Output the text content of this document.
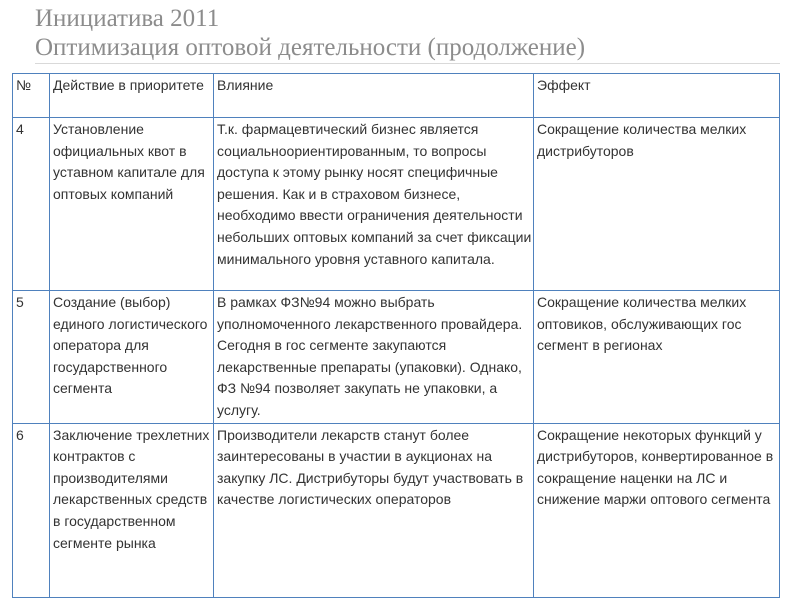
Инициатива 2011
Оптимизация оптовой деятельности (продолжение)
№	Действие в приоритете	Влияние	Эффект

4	Установление официальных квот в уставном капитале для оптовых компаний	Т.к. фармацевтический бизнес является социальноориентированным, то вопросы доступа к этому рынку носят специфичные решения. Как и в страховом бизнесе, необходимо ввести ограничения деятельности небольших оптовых компаний за счет фиксации минимального уровня уставного капитала.	Сокращение количества мелких дистрибуторов

5	Создание (выбор) единого логистического оператора для государственного сегмента	В рамках ФЗ№94 можно выбрать уполномоченного лекарственного провайдера. Сегодня в гос сегменте закупаются лекарственные препараты (упаковки). Однако, ФЗ №94 позволяет закупать не упаковки, а услугу.	Сокращение количества мелких оптовиков, обслуживающих гос сегмент в регионах

6	Заключение трехлетних контрактов с производителями лекарственных средств в государственном сегменте рынка	Производители лекарств станут более заинтересованы в участии в аукционах на закупку ЛС. Дистрибуторы будут участвовать в качестве логистических операторов	Сокращение некоторых функций у дистрибуторов, конвертированное в сокращение наценки на ЛС и снижение маржи оптового сегмента
